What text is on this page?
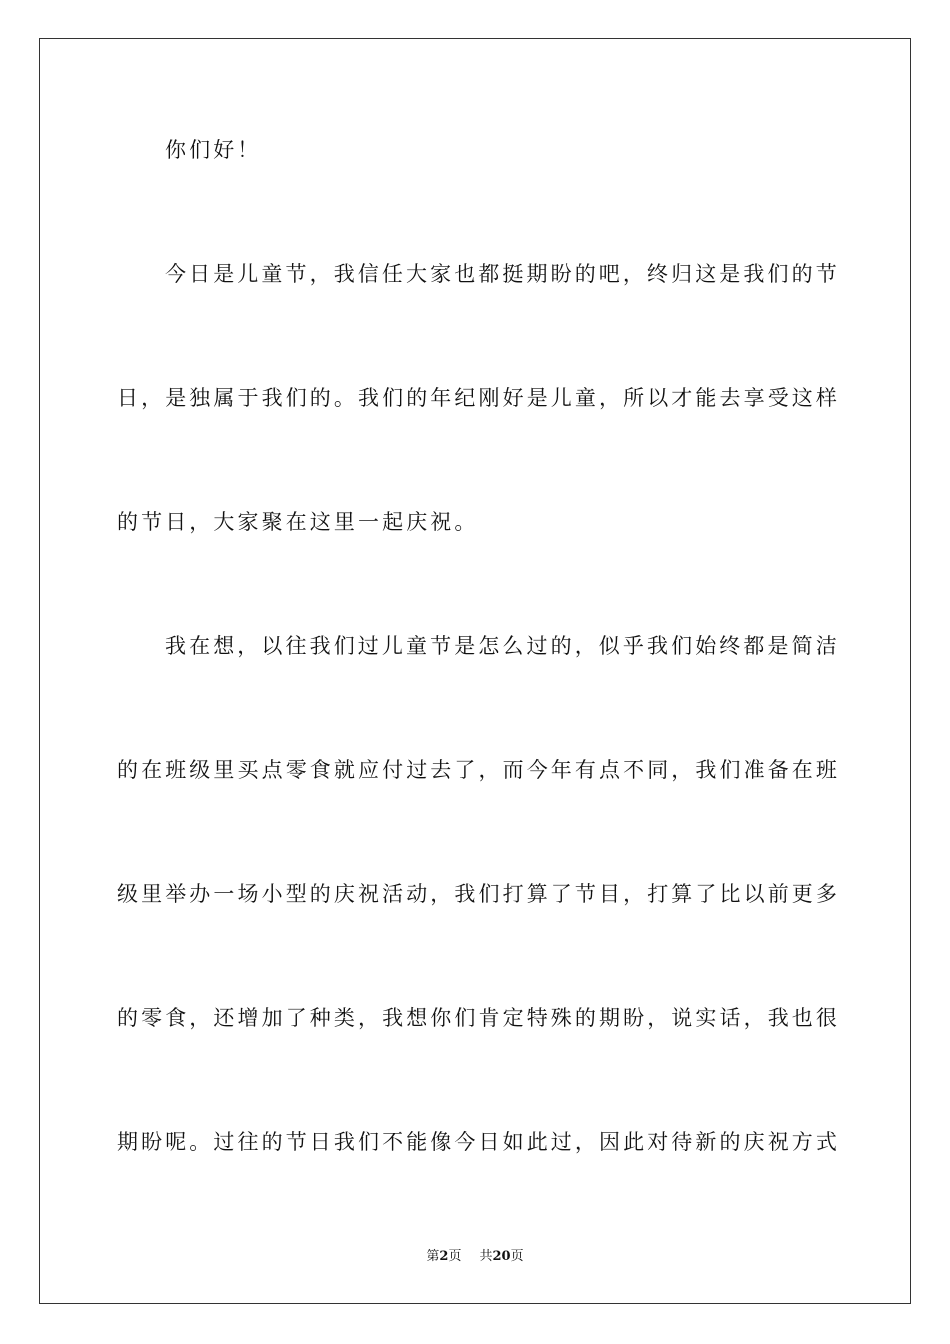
你们好！
今日是儿童节，我信任大家也都挺期盼的吧，终归这是我们的节
日，是独属于我们的。我们的年纪刚好是儿童，所以才能去享受这样
的节日，大家聚在这里一起庆祝。
我在想，以往我们过儿童节是怎么过的，似乎我们始终都是简洁
的在班级里买点零食就应付过去了，而今年有点不同，我们准备在班
级里举办一场小型的庆祝活动，我们打算了节目，打算了比以前更多
的零食，还增加了种类，我想你们肯定特殊的期盼，说实话，我也很
期盼呢。过往的节日我们不能像今日如此过，因此对待新的庆祝方式
第2页 共20页
